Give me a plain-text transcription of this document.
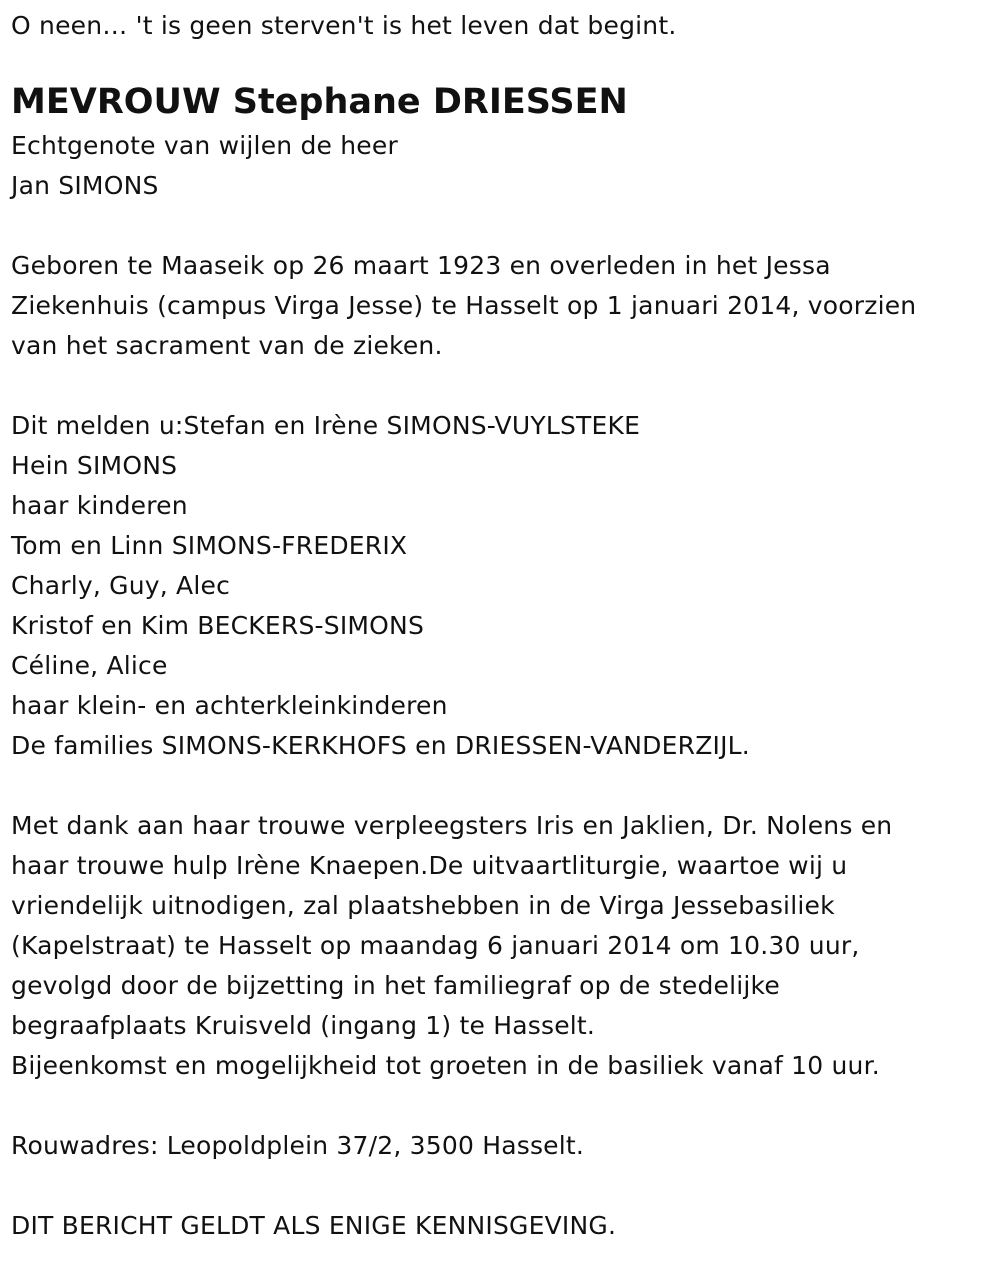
O neen… 't is geen sterven't is het leven dat begint.
MEVROUW Stephane DRIESSEN
Echtgenote van wijlen de heer
Jan SIMONS
Geboren te Maaseik op 26 maart 1923 en overleden in het Jessa
Ziekenhuis (campus Virga Jesse) te Hasselt op 1 januari 2014, voorzien
van het sacrament van de zieken.
Dit melden u:Stefan en Irène SIMONS-VUYLSTEKE
Hein SIMONS
haar kinderen
Tom en Linn SIMONS-FREDERIX
Charly, Guy, Alec
Kristof en Kim BECKERS-SIMONS
Céline, Alice
haar klein- en achterkleinkinderen
De families SIMONS-KERKHOFS en DRIESSEN-VANDERZIJL.
Met dank aan haar trouwe verpleegsters Iris en Jaklien, Dr. Nolens en
haar trouwe hulp Irène Knaepen.De uitvaartliturgie, waartoe wij u
vriendelijk uitnodigen, zal plaatshebben in de Virga Jessebasiliek
(Kapelstraat) te Hasselt op maandag 6 januari 2014 om 10.30 uur,
gevolgd door de bijzetting in het familiegraf op de stedelijke
begraafplaats Kruisveld (ingang 1) te Hasselt.
Bijeenkomst en mogelijkheid tot groeten in de basiliek vanaf 10 uur.
Rouwadres: Leopoldplein 37/2, 3500 Hasselt.
DIT BERICHT GELDT ALS ENIGE KENNISGEVING.
